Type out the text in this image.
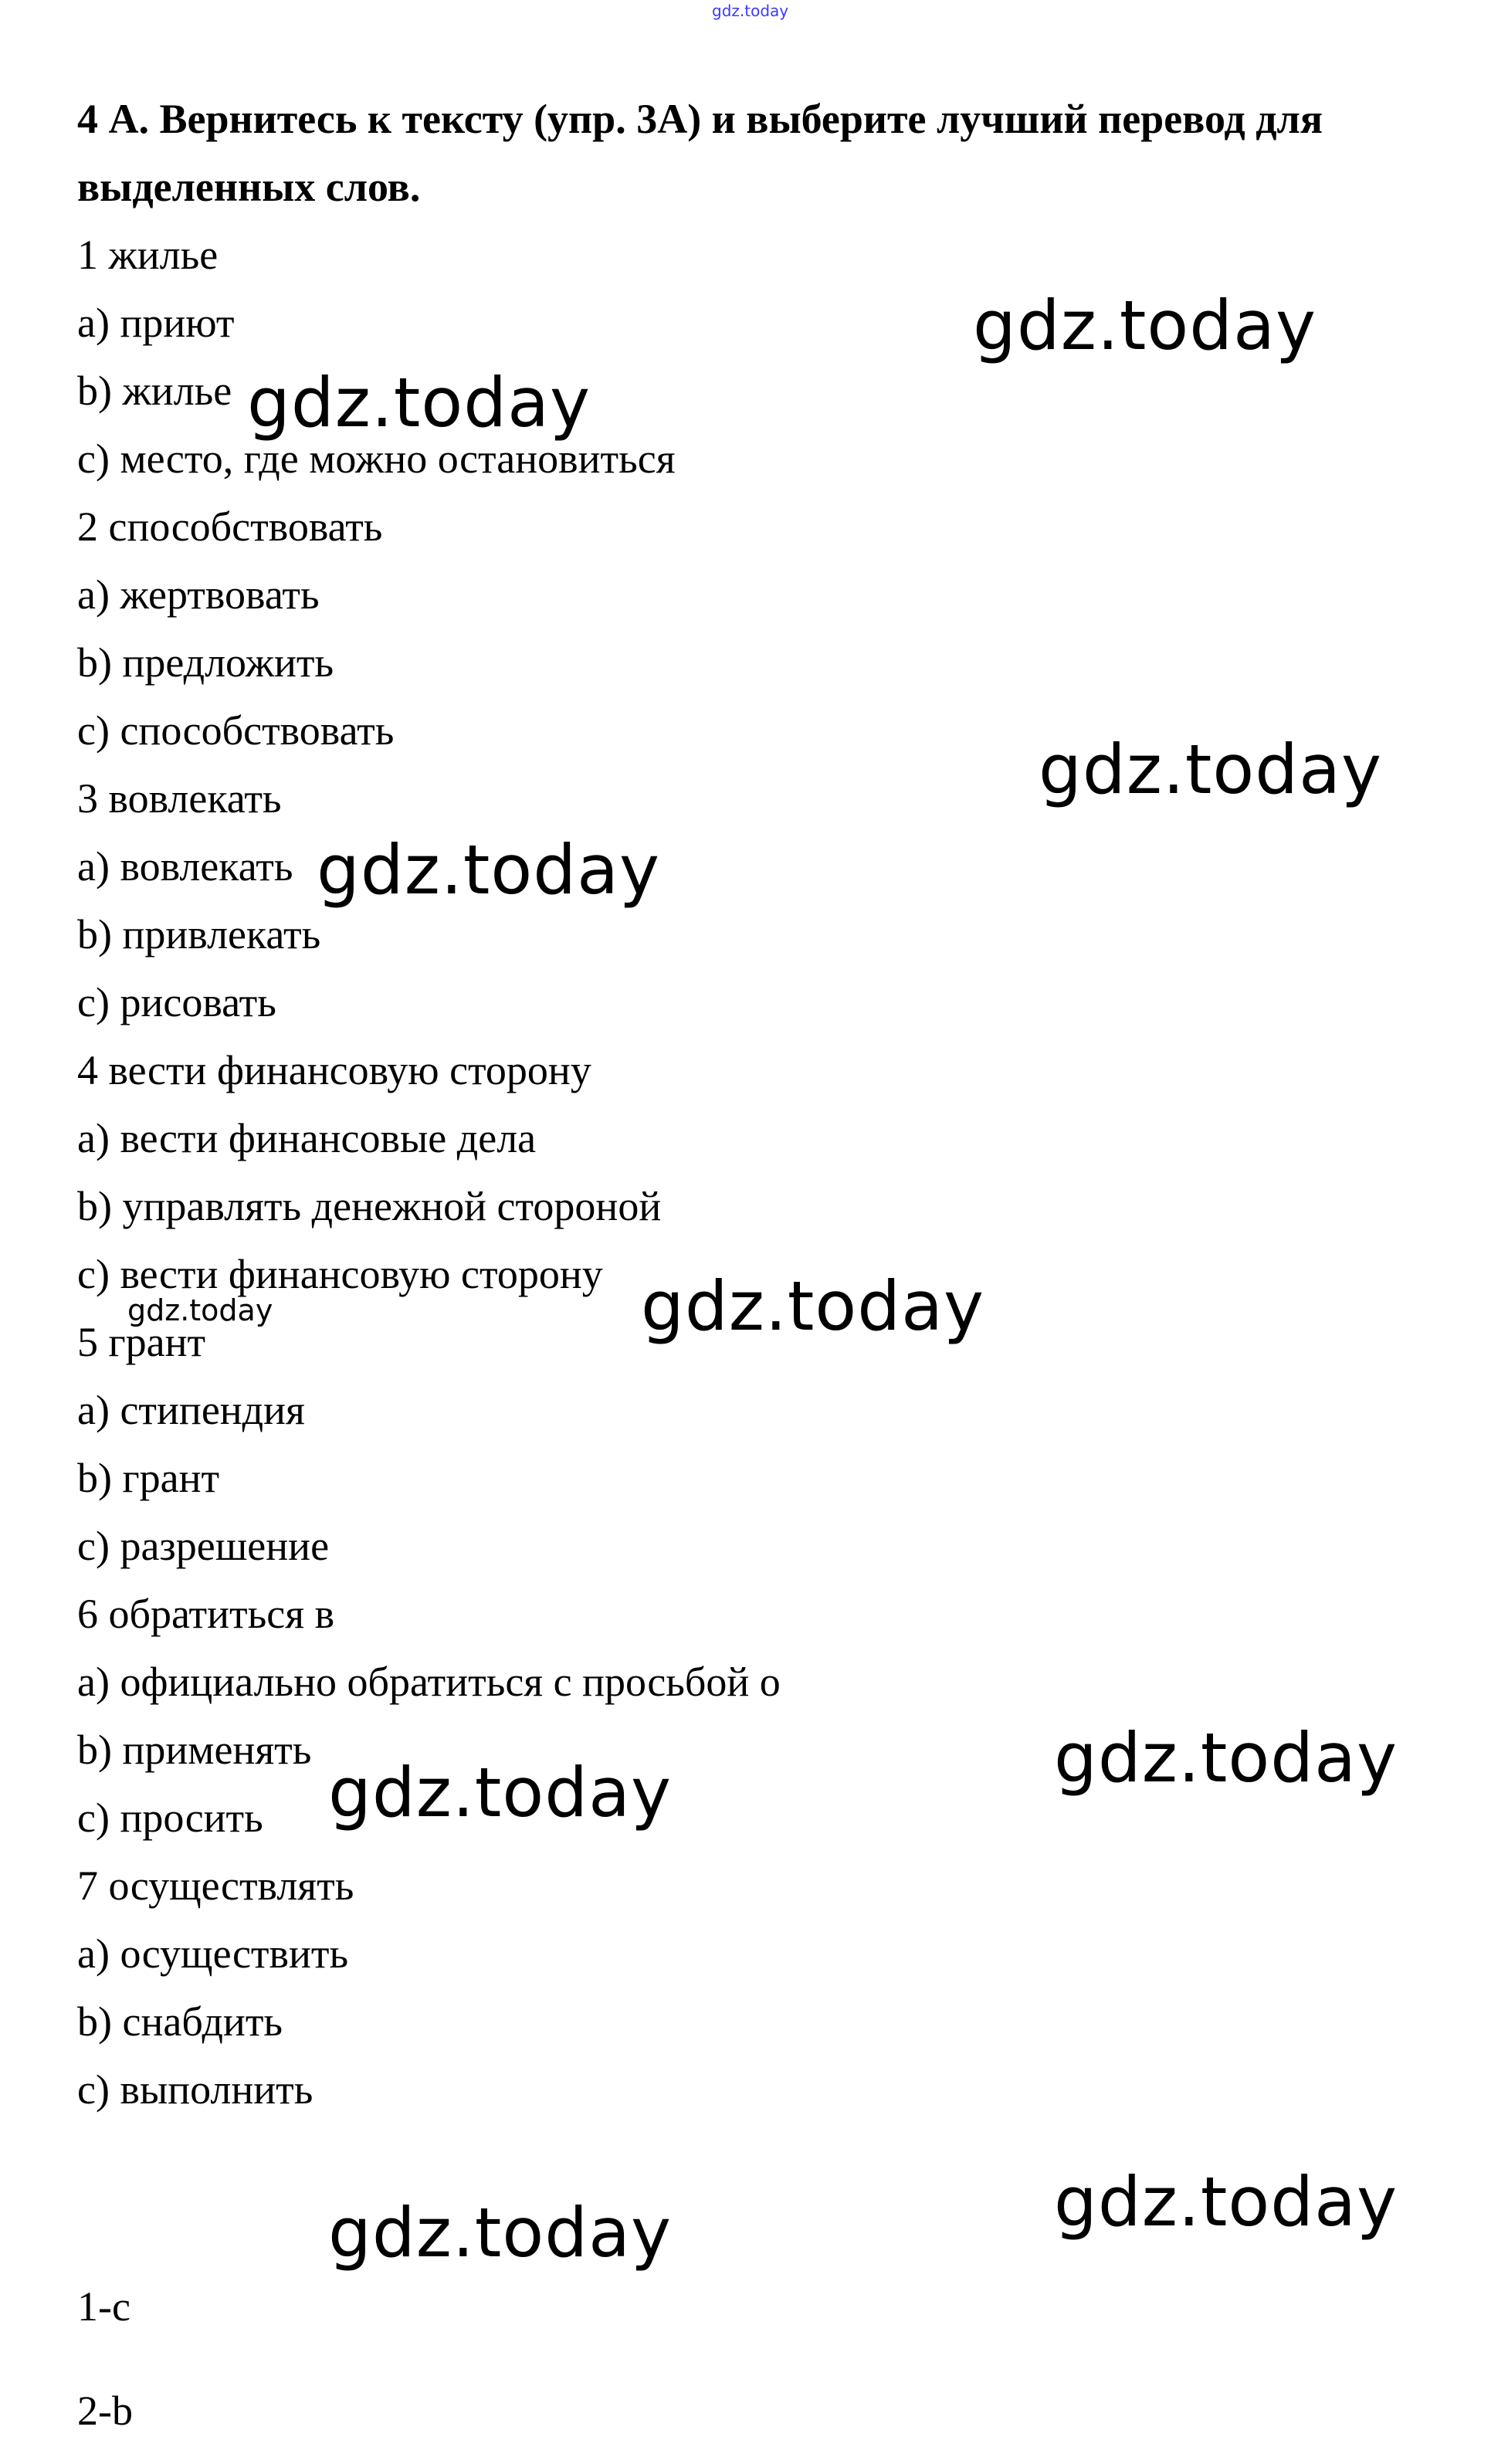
gdz.today

4 А. Вернитесь к тексту (упр. 3А) и выберите лучший перевод для выделенных слов.

1 жилье
а) приют
b) жилье
c) место, где можно остановиться
2 способствовать
а) жертвовать
b) предложить
c) способствовать
3 вовлекать
а) вовлекать
b) привлекать
c) рисовать
4 вести финансовую сторону
а) вести финансовые дела
b) управлять денежной стороной
c) вести финансовую сторону
5 грант
а) стипендия
b) грант
c) разрешение
6 обратиться в
а) официально обратиться с просьбой о
b) применять
c) просить
7 осуществлять
а) осуществить
b) снабдить
c) выполнить
1-c
2-b
gdz.today
gdz.today
gdz.today
gdz.today
gdz.today
gdz.today
gdz.today
gdz.today
gdz.today
gdz.today
